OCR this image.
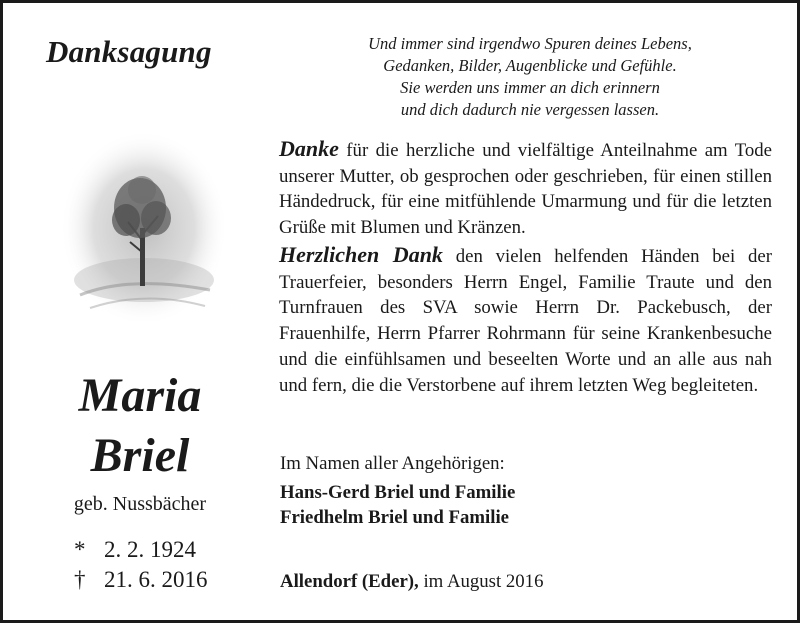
Danksagung	Und immer sind irgendwo Spuren deines Lebens,
Gedanken, Bilder, Augenblicke und Gefühle.
Sie werden uns immer an dich erinnern
und dich dadurch nie vergessen lassen.
Maria
Briel
geb. Nussbächer
* 2. 2. 1924
† 21. 6. 2016
Danke für die herzliche und vielfältige Anteilnahme am Tode unserer Mutter, ob gesprochen oder geschrieben, für einen stillen Händedruck, für eine mitfühlende Umarmung und für die letzten Grüße mit Blumen und Kränzen.
Herzlichen Dank den vielen helfenden Händen bei der Trauerfeier, besonders Herrn Engel, Familie Traute und den Turnfrauen des SVA sowie Herrn Dr. Packebusch, der Frauenhilfe, Herrn Pfarrer Rohrmann für seine Krankenbesuche und die einfühlsamen und beseelten Worte und an alle aus nah und fern, die die Verstorbene auf ihrem letzten Weg begleiteten.
Im Namen aller Angehörigen:
Hans-Gerd Briel und Familie
Friedhelm Briel und Familie
Allendorf (Eder), im August 2016
